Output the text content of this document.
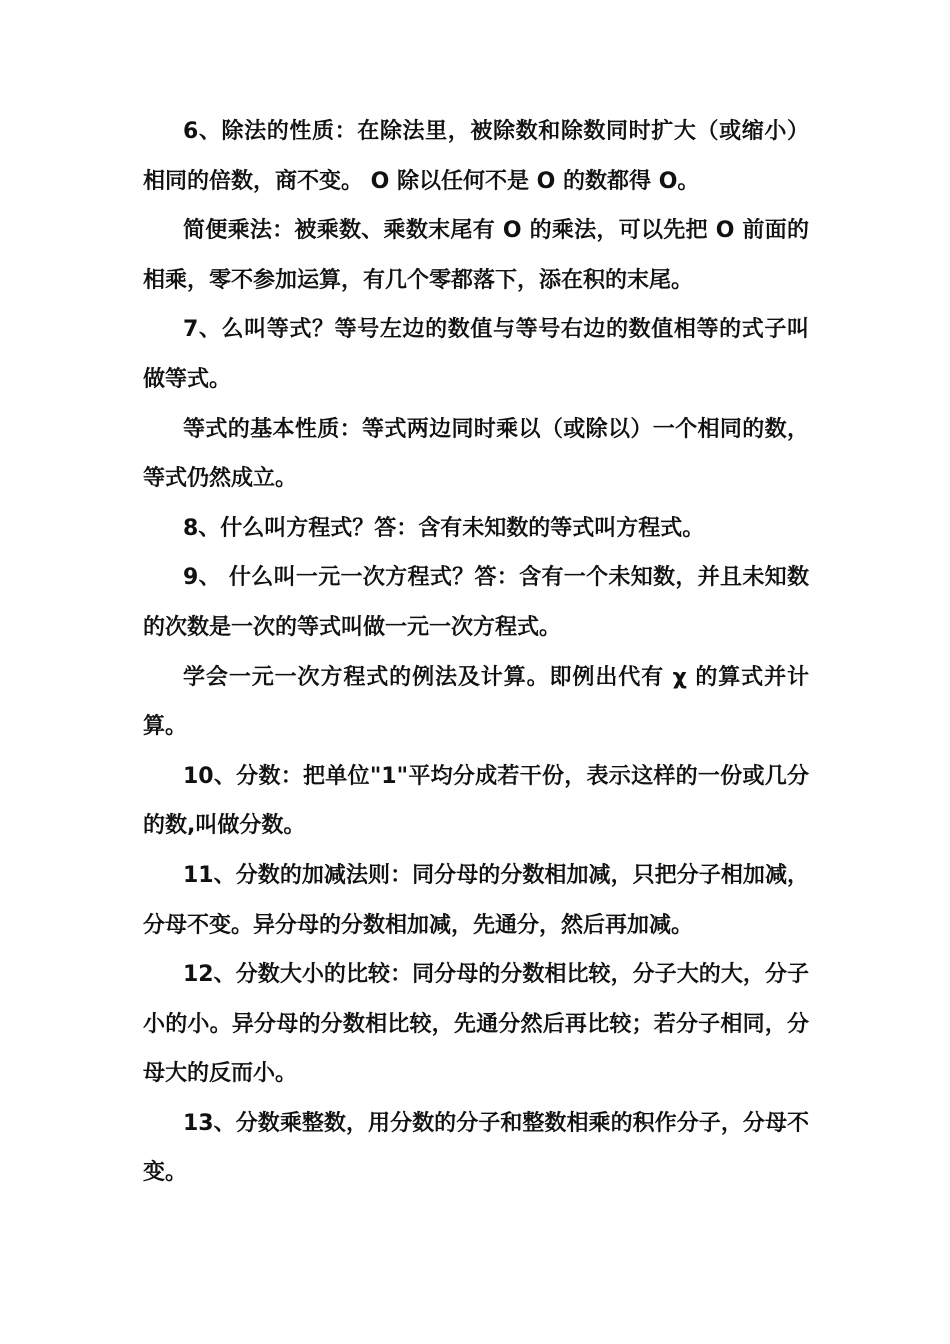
6、除法的性质：在除法里，被除数和除数同时扩大（或缩小）相同的倍数，商不变。 O 除以任何不是 O 的数都得 O。

简便乘法：被乘数、乘数末尾有 O 的乘法，可以先把 O 前面的相乘，零不参加运算，有几个零都落下，添在积的末尾。

7、么叫等式？等号左边的数值与等号右边的数值相等的式子叫做等式。

等式的基本性质：等式两边同时乘以（或除以）一个相同的数，等式仍然成立。

8、什么叫方程式？答：含有未知数的等式叫方程式。

9、 什么叫一元一次方程式？答：含有一个未知数，并且未知数的次数是一次的等式叫做一元一次方程式。

学会一元一次方程式的例法及计算。即例出代有 χ 的算式并计算。

10、分数：把单位"1"平均分成若干份，表示这样的一份或几分的数,叫做分数。

11、分数的加减法则：同分母的分数相加减，只把分子相加减，分母不变。异分母的分数相加减，先通分，然后再加减。

12、分数大小的比较：同分母的分数相比较，分子大的大，分子小的小。异分母的分数相比较，先通分然后再比较；若分子相同，分母大的反而小。

13、分数乘整数，用分数的分子和整数相乘的积作分子，分母不变。
